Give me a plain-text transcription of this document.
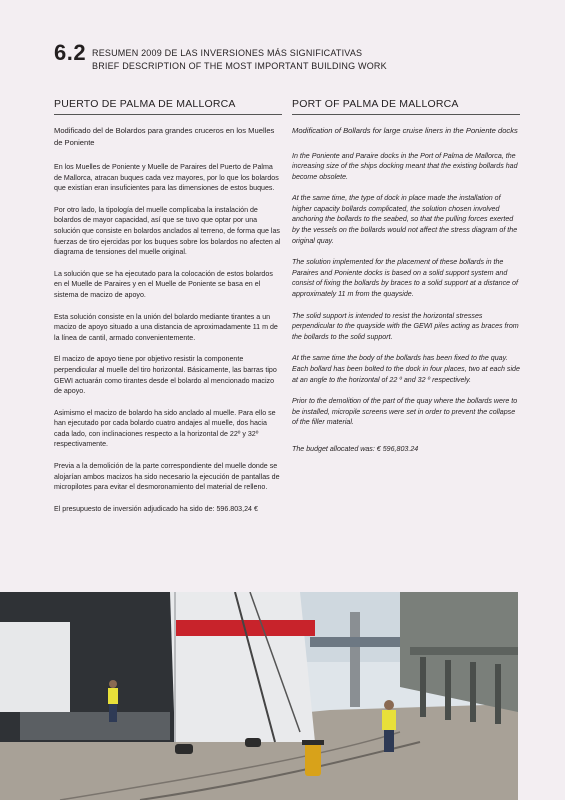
6.2 RESUMEN 2009 DE LAS INVERSIONES MÁS SIGNIFICATIVAS
BRIEF DESCRIPTION OF THE MOST IMPORTANT BUILDING WORK
PUERTO DE PALMA DE MALLORCA
Modificado del de Bolardos para grandes cruceros en los Muelles de Poniente

En los Muelles de Poniente y Muelle de Paraires del Puerto de Palma de Mallorca, atracan buques cada vez mayores, por lo que los bolardos que existían eran insuficientes para las dimensiones de estos buques.

Por otro lado, la tipología del muelle complicaba la instalación de bolardos de mayor capacidad, así que se tuvo que optar por una solución que consiste en bolardos anclados al terreno, de forma que las fuerzas de tiro ejercidas por los buques sobre los bolardos no afecten al diagrama de tensiones del muelle original.

La solución que se ha ejecutado para la colocación de estos bolardos en el Muelle de Paraires y en el Muelle de Poniente se basa en el sistema de macizo de apoyo.

Esta solución consiste en la unión del bolardo mediante tirantes a un macizo de apoyo situado a una distancia de aproximadamente 11 m de la línea de cantil, armado convenientemente.

El macizo de apoyo tiene por objetivo resistir la componente perpendicular al muelle del tiro horizontal. Básicamente, las barras tipo GEWI actuarán como tirantes desde el bolardo al mencionado macizo de apoyo.

Asimismo el macizo de bolardo ha sido anclado al muelle. Para ello se han ejecutado por cada bolardo cuatro andajes al muelle, dos hacia cada lado, con inclinaciones respecto a la horizontal de 22º y 32º respectivamente.

Previa a la demolición de la parte correspondiente del muelle donde se alojarían ambos macizos ha sido necesario la ejecución de pantallas de micropilotes para evitar el desmoronamiento del material de relleno.

El presupuesto de inversión adjudicado ha sido de: 596.803,24 €

PORT OF PALMA DE MALLORCA
Modification of Bollards for large cruise liners in the Poniente docks

In the Poniente and Paraire docks in the Port of Palma de Mallorca, the increasing size of the ships docking meant that the existing bollards had become obsolete.

At the same time, the type of dock in place made the installation of higher capacity bollards complicated, the solution chosen involved anchoring the bollards to the seabed, so that the pulling forces exerted by the vessels on the bollards would not affect the stress diagram of the original quay.

The solution implemented for the placement of these bollards in the Paraires and Poniente docks is based on a solid support system and consist of fixing the bollards by braces to a solid support at a distance of approximately 11 m from the quayside.

The solid support is intended to resist the horizontal stresses perpendicular to the quayside with the GEWI piles acting as braces from the bollards to the solid support.

At the same time the body of the bollards has been fixed to the quay. Each bollard has been bolted to the dock in four places, two at each side at an angle to the horizontal of 22 º and 32 º respectively.

Prior to the demolition of the part of the quay where the bollards were to be installed, micropile screens were set in order to prevent the collapse of the filler material.

The budget allocated was: € 596,803.24
